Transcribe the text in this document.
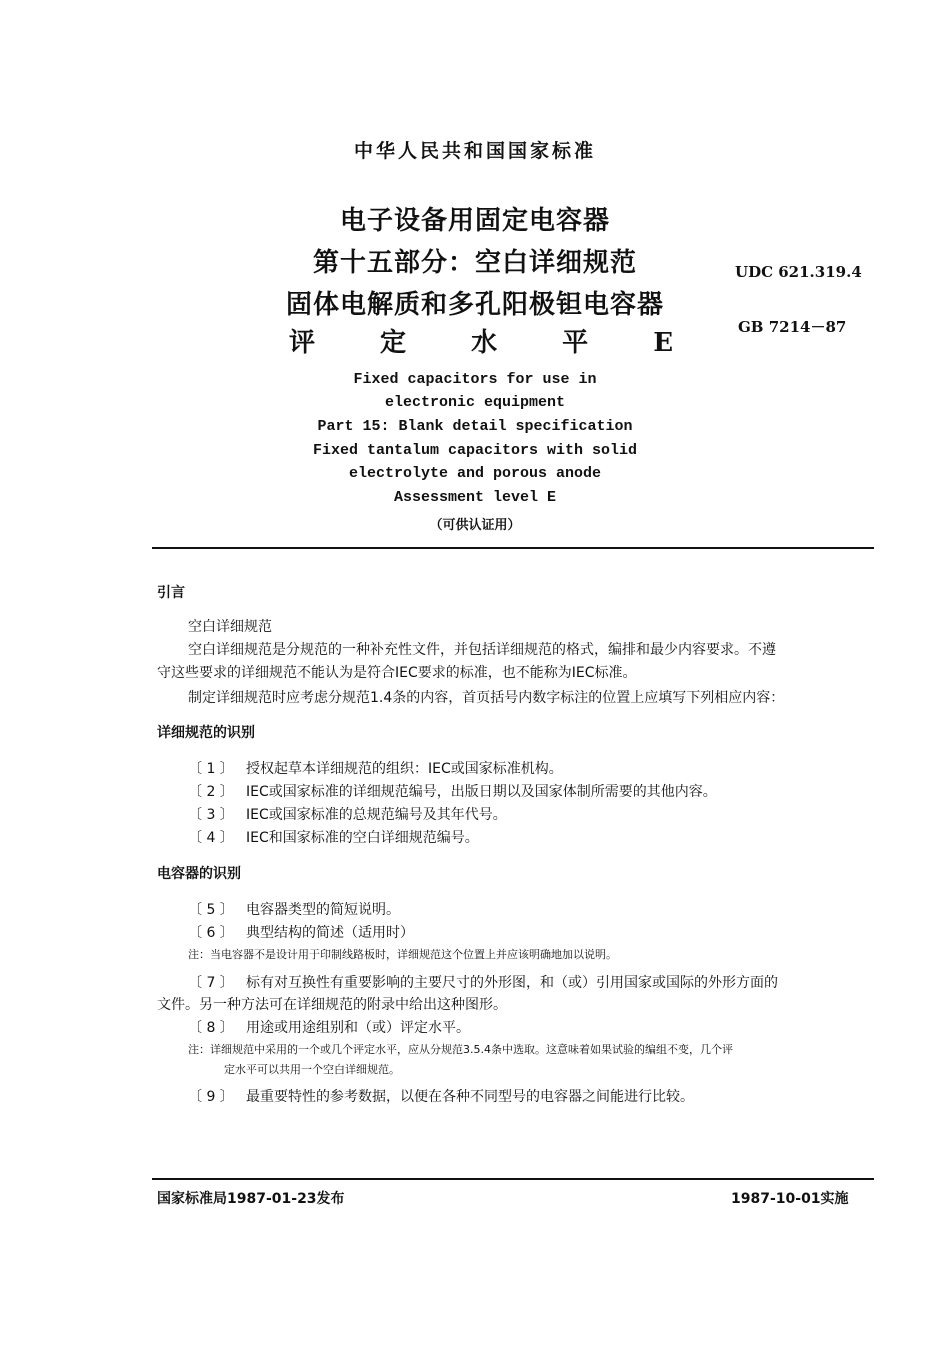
中华人民共和国国家标准
电子设备用固定电容器
第十五部分：空白详细规范
固体电解质和多孔阳极钽电容器
评 定 水 平 E
UDC 621.319.4
GB 7214－87
Fixed capacitors for use in
electronic equipment
Part 15: Blank detail specification
Fixed tantalum capacitors with solid
electrolyte and porous anode
Assessment level E
（可供认证用）
引言
空白详细规范
空白详细规范是分规范的一种补充性文件，并包括详细规范的格式，编排和最少内容要求。不遵
守这些要求的详细规范不能认为是符合IEC要求的标准，也不能称为IEC标准。
制定详细规范时应考虑分规范1.4条的内容，首页括号内数字标注的位置上应填写下列相应内容：
详细规范的识别
〔 1 〕 授权起草本详细规范的组织：IEC或国家标准机构。
〔 2 〕 IEC或国家标准的详细规范编号，出版日期以及国家体制所需要的其他内容。
〔 3 〕 IEC或国家标准的总规范编号及其年代号。
〔 4 〕 IEC和国家标准的空白详细规范编号。
电容器的识别
〔 5 〕 电容器类型的简短说明。
〔 6 〕 典型结构的简述（适用时）
注：当电容器不是设计用于印制线路板时，详细规范这个位置上并应该明确地加以说明。
〔 7 〕 标有对互换性有重要影响的主要尺寸的外形图，和（或）引用国家或国际的外形方面的
文件。另一种方法可在详细规范的附录中给出这种图形。
〔 8 〕 用途或用途组别和（或）评定水平。
注：详细规范中采用的一个或几个评定水平，应从分规范3.5.4条中选取。这意味着如果试验的编组不变，几个评
定水平可以共用一个空白详细规范。
〔 9 〕 最重要特性的参考数据，以便在各种不同型号的电容器之间能进行比较。
国家标准局1987-01-23发布	1987-10-01实施
